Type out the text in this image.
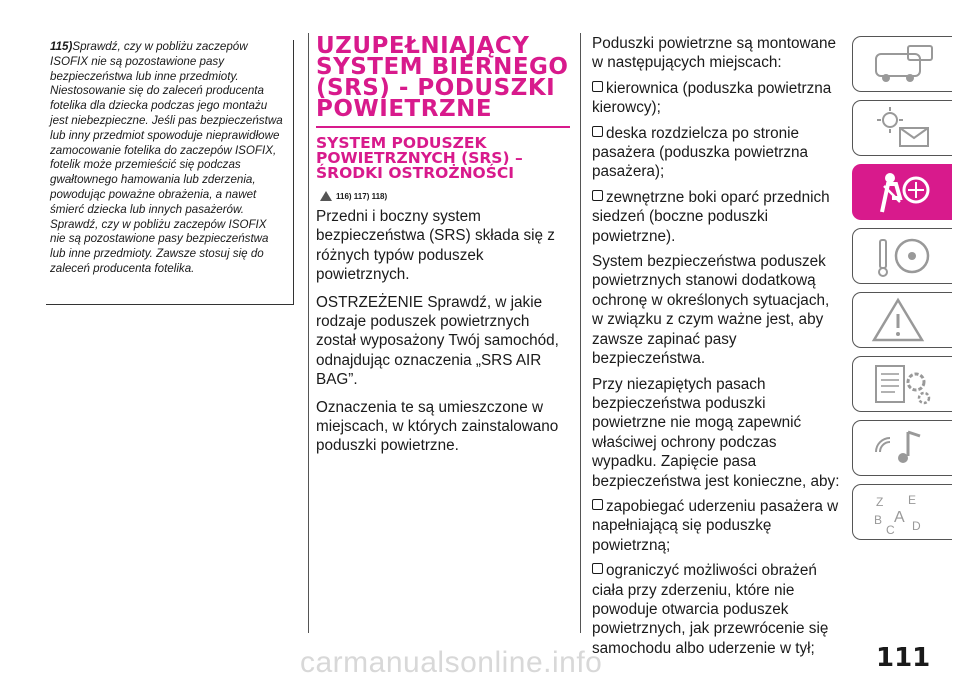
115)Sprawdź, czy w pobliżu zaczepów ISOFIX nie są pozostawione pasy bezpieczeństwa lub inne przedmioty. Niestosowanie się do zaleceń producenta fotelika dla dziecka podczas jego montażu jest niebezpieczne. Jeśli pas bezpieczeństwa lub inny przedmiot spowoduje nieprawidłowe zamocowanie fotelika do zaczepów ISOFIX, fotelik może przemieścić się podczas gwałtownego hamowania lub zderzenia, powodując poważne obrażenia, a nawet śmierć dziecka lub innych pasażerów. Sprawdź, czy w pobliżu zaczepów ISOFIX nie są pozostawione pasy bezpieczeństwa lub inne przedmioty. Zawsze stosuj się do zaleceń producenta fotelika.

UZUPEŁNIAJĄCY SYSTEM BIERNEGO (SRS) - PODUSZKI POWIETRZNE
SYSTEM PODUSZEK POWIETRZNYCH (SRS) – ŚRODKI OSTROŻNOŚCI
116) 117) 118)

Przedni i boczny system bezpieczeństwa (SRS) składa się z różnych typów poduszek powietrznych.

OSTRZEŻENIE Sprawdź, w jakie rodzaje poduszek powietrznych został wyposażony Twój samochód, odnajdując oznaczenia „SRS AIR BAG”.

Oznaczenia te są umieszczone w miejscach, w których zainstalowano poduszki powietrzne.

Poduszki powietrzne są montowane w następujących miejscach:

kierownica (poduszka powietrzna kierowcy);

deska rozdzielcza po stronie pasażera (poduszka powietrzna pasażera);

zewnętrzne boki oparć przednich siedzeń (boczne poduszki powietrzne).

System bezpieczeństwa poduszek powietrznych stanowi dodatkową ochronę w określonych sytuacjach, w związku z czym ważne jest, aby zawsze zapinać pasy bezpieczeństwa.

Przy niezapiętych pasach bezpieczeństwa poduszki powietrzne nie mogą zapewnić właściwej ochrony podczas wypadku. Zapięcie pasa bezpieczeństwa jest konieczne, aby:

zapobiegać uderzeniu pasażera w napełniającą się poduszkę powietrzną;

ograniczyć możliwości obrażeń ciała przy zderzeniu, które nie powoduje otwarcia poduszek powietrznych, jak przewrócenie się samochodu albo uderzenie w tył;

Z E
B A
C D
111
carmanualsonline.info
